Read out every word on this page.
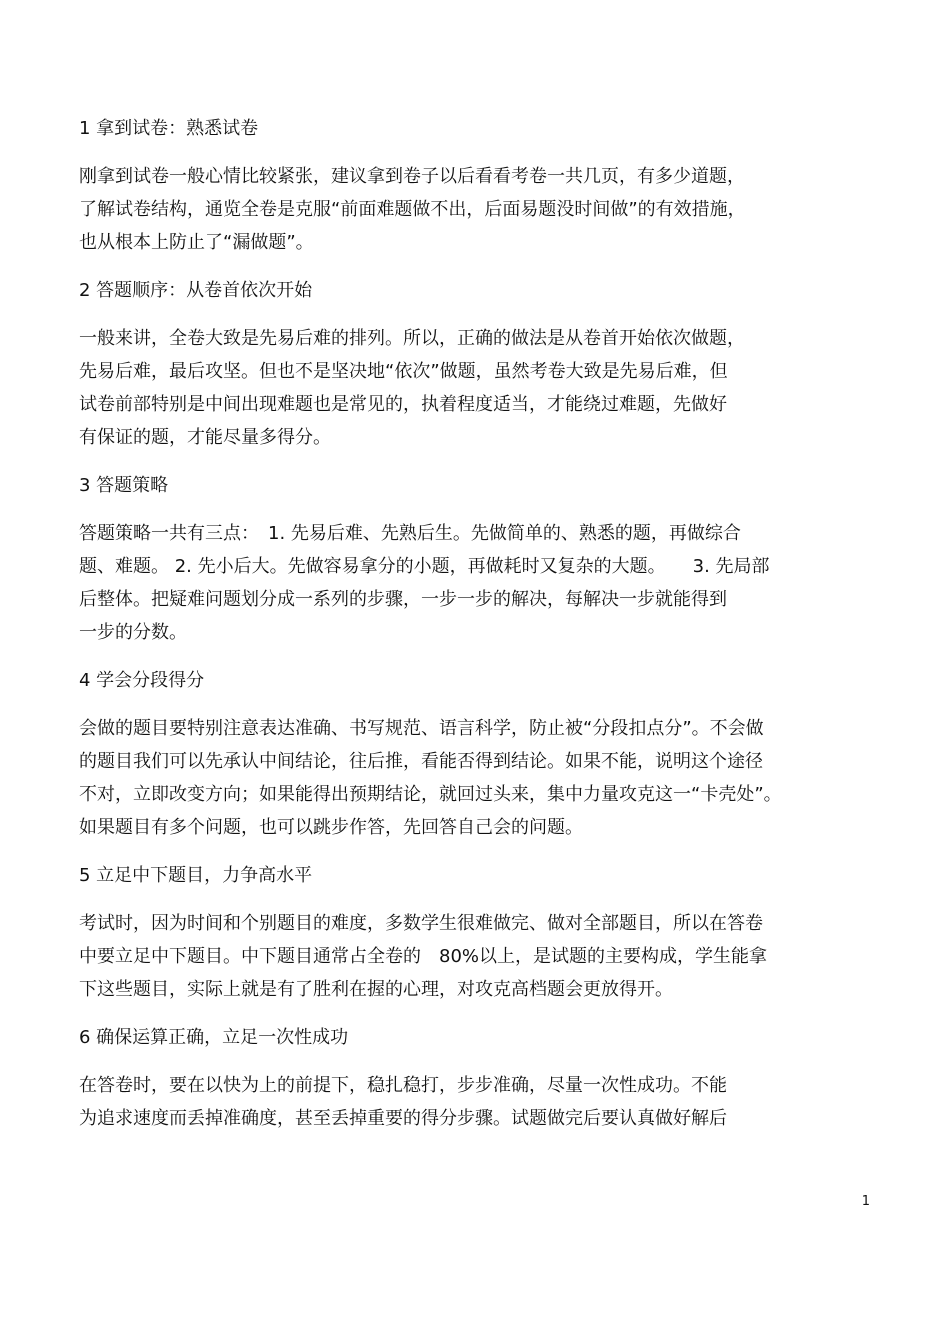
1 拿到试卷：熟悉试卷
刚拿到试卷一般心情比较紧张，建议拿到卷子以后看看考卷一共几页，有多少道题，
了解试卷结构，通览全卷是克服“前面难题做不出，后面易题没时间做”的有效措施，
也从根本上防止了“漏做题”。
2 答题顺序：从卷首依次开始
一般来讲，全卷大致是先易后难的排列。所以，正确的做法是从卷首开始依次做题，
先易后难，最后攻坚。但也不是坚决地“依次”做题，虽然考卷大致是先易后难，但
试卷前部特别是中间出现难题也是常见的，执着程度适当，才能绕过难题，先做好
有保证的题，才能尽量多得分。
3 答题策略
答题策略一共有三点：　1. 先易后难、先熟后生。先做简单的、熟悉的题，再做综合
题、难题。 2. 先小后大。先做容易拿分的小题，再做耗时又复杂的大题。　　3. 先局部
后整体。把疑难问题划分成一系列的步骤，一步一步的解决，每解决一步就能得到
一步的分数。
4 学会分段得分
会做的题目要特别注意表达准确、书写规范、语言科学，防止被“分段扣点分”。不会做
的题目我们可以先承认中间结论，往后推，看能否得到结论。如果不能，说明这个途径
不对，立即改变方向；如果能得出预期结论，就回过头来，集中力量攻克这一“卡壳处”。
如果题目有多个问题，也可以跳步作答，先回答自己会的问题。
5 立足中下题目，力争高水平
考试时，因为时间和个别题目的难度，多数学生很难做完、做对全部题目，所以在答卷
中要立足中下题目。中下题目通常占全卷的　80%以上，是试题的主要构成，学生能拿
下这些题目，实际上就是有了胜利在握的心理，对攻克高档题会更放得开。
6 确保运算正确，立足一次性成功
在答卷时，要在以快为上的前提下，稳扎稳打，步步准确，尽量一次性成功。不能
为追求速度而丢掉准确度，甚至丢掉重要的得分步骤。试题做完后要认真做好解后
1
